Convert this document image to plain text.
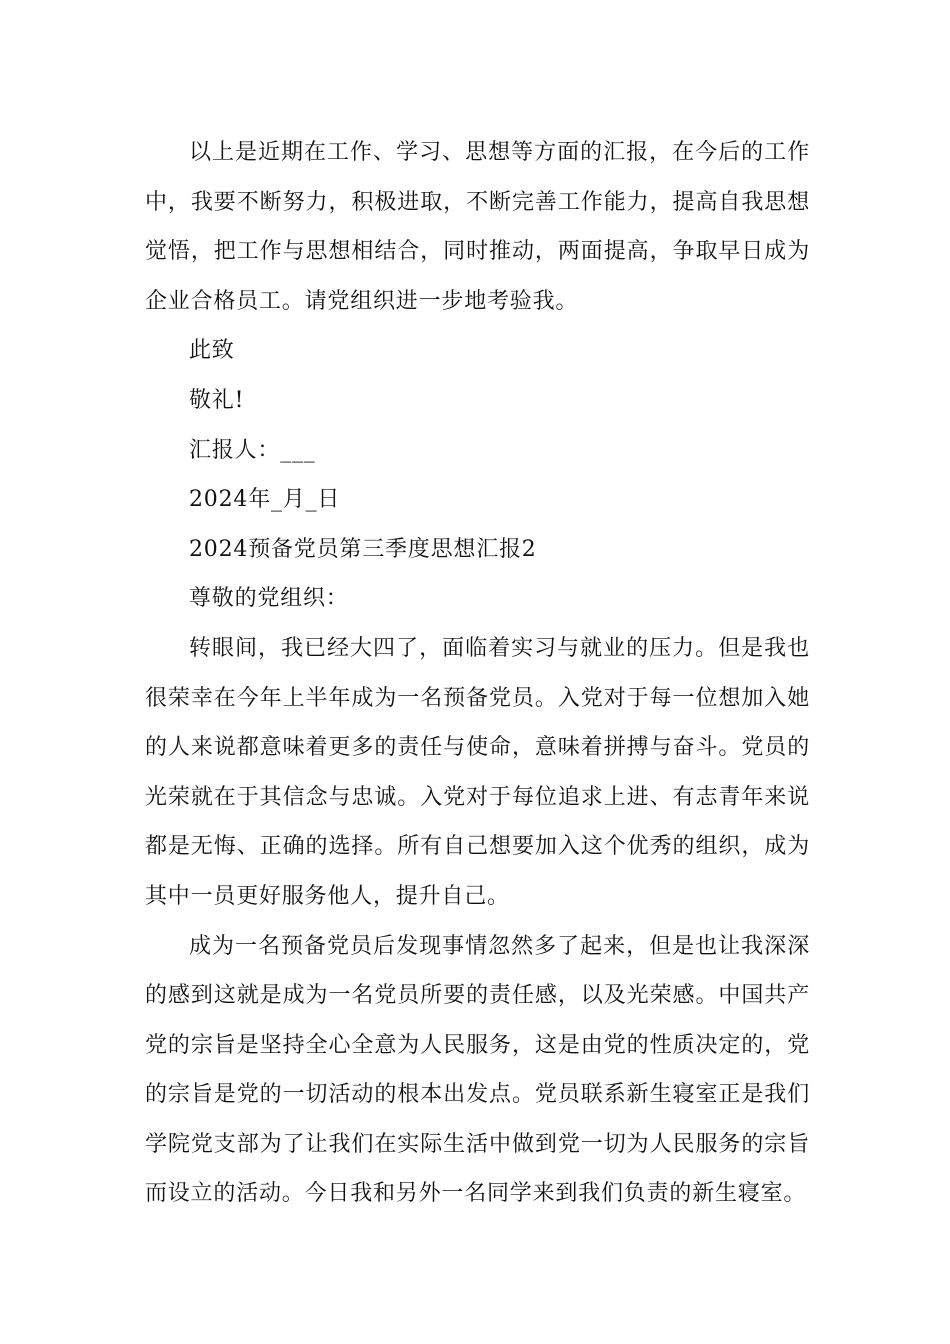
以上是近期在工作、学习、思想等方面的汇报，在今后的工作中，我要不断努力，积极进取，不断完善工作能力，提高自我思想觉悟，把工作与思想相结合，同时推动，两面提高，争取早日成为企业合格员工。请党组织进一步地考验我。

此致

敬礼!

汇报人：___

2024年_月_日

2024预备党员第三季度思想汇报2

尊敬的党组织：

转眼间，我已经大四了，面临着实习与就业的压力。但是我也很荣幸在今年上半年成为一名预备党员。入党对于每一位想加入她的人来说都意味着更多的责任与使命，意味着拼搏与奋斗。党员的光荣就在于其信念与忠诚。入党对于每位追求上进、有志青年来说都是无悔、正确的选择。所有自己想要加入这个优秀的组织，成为其中一员更好服务他人，提升自己。

成为一名预备党员后发现事情忽然多了起来，但是也让我深深的感到这就是成为一名党员所要的责任感，以及光荣感。中国共产党的宗旨是坚持全心全意为人民服务，这是由党的性质决定的，党的宗旨是党的一切活动的根本出发点。党员联系新生寝室正是我们学院党支部为了让我们在实际生活中做到党一切为人民服务的宗旨而设立的活动。今日我和另外一名同学来到我们负责的新生寝室。
